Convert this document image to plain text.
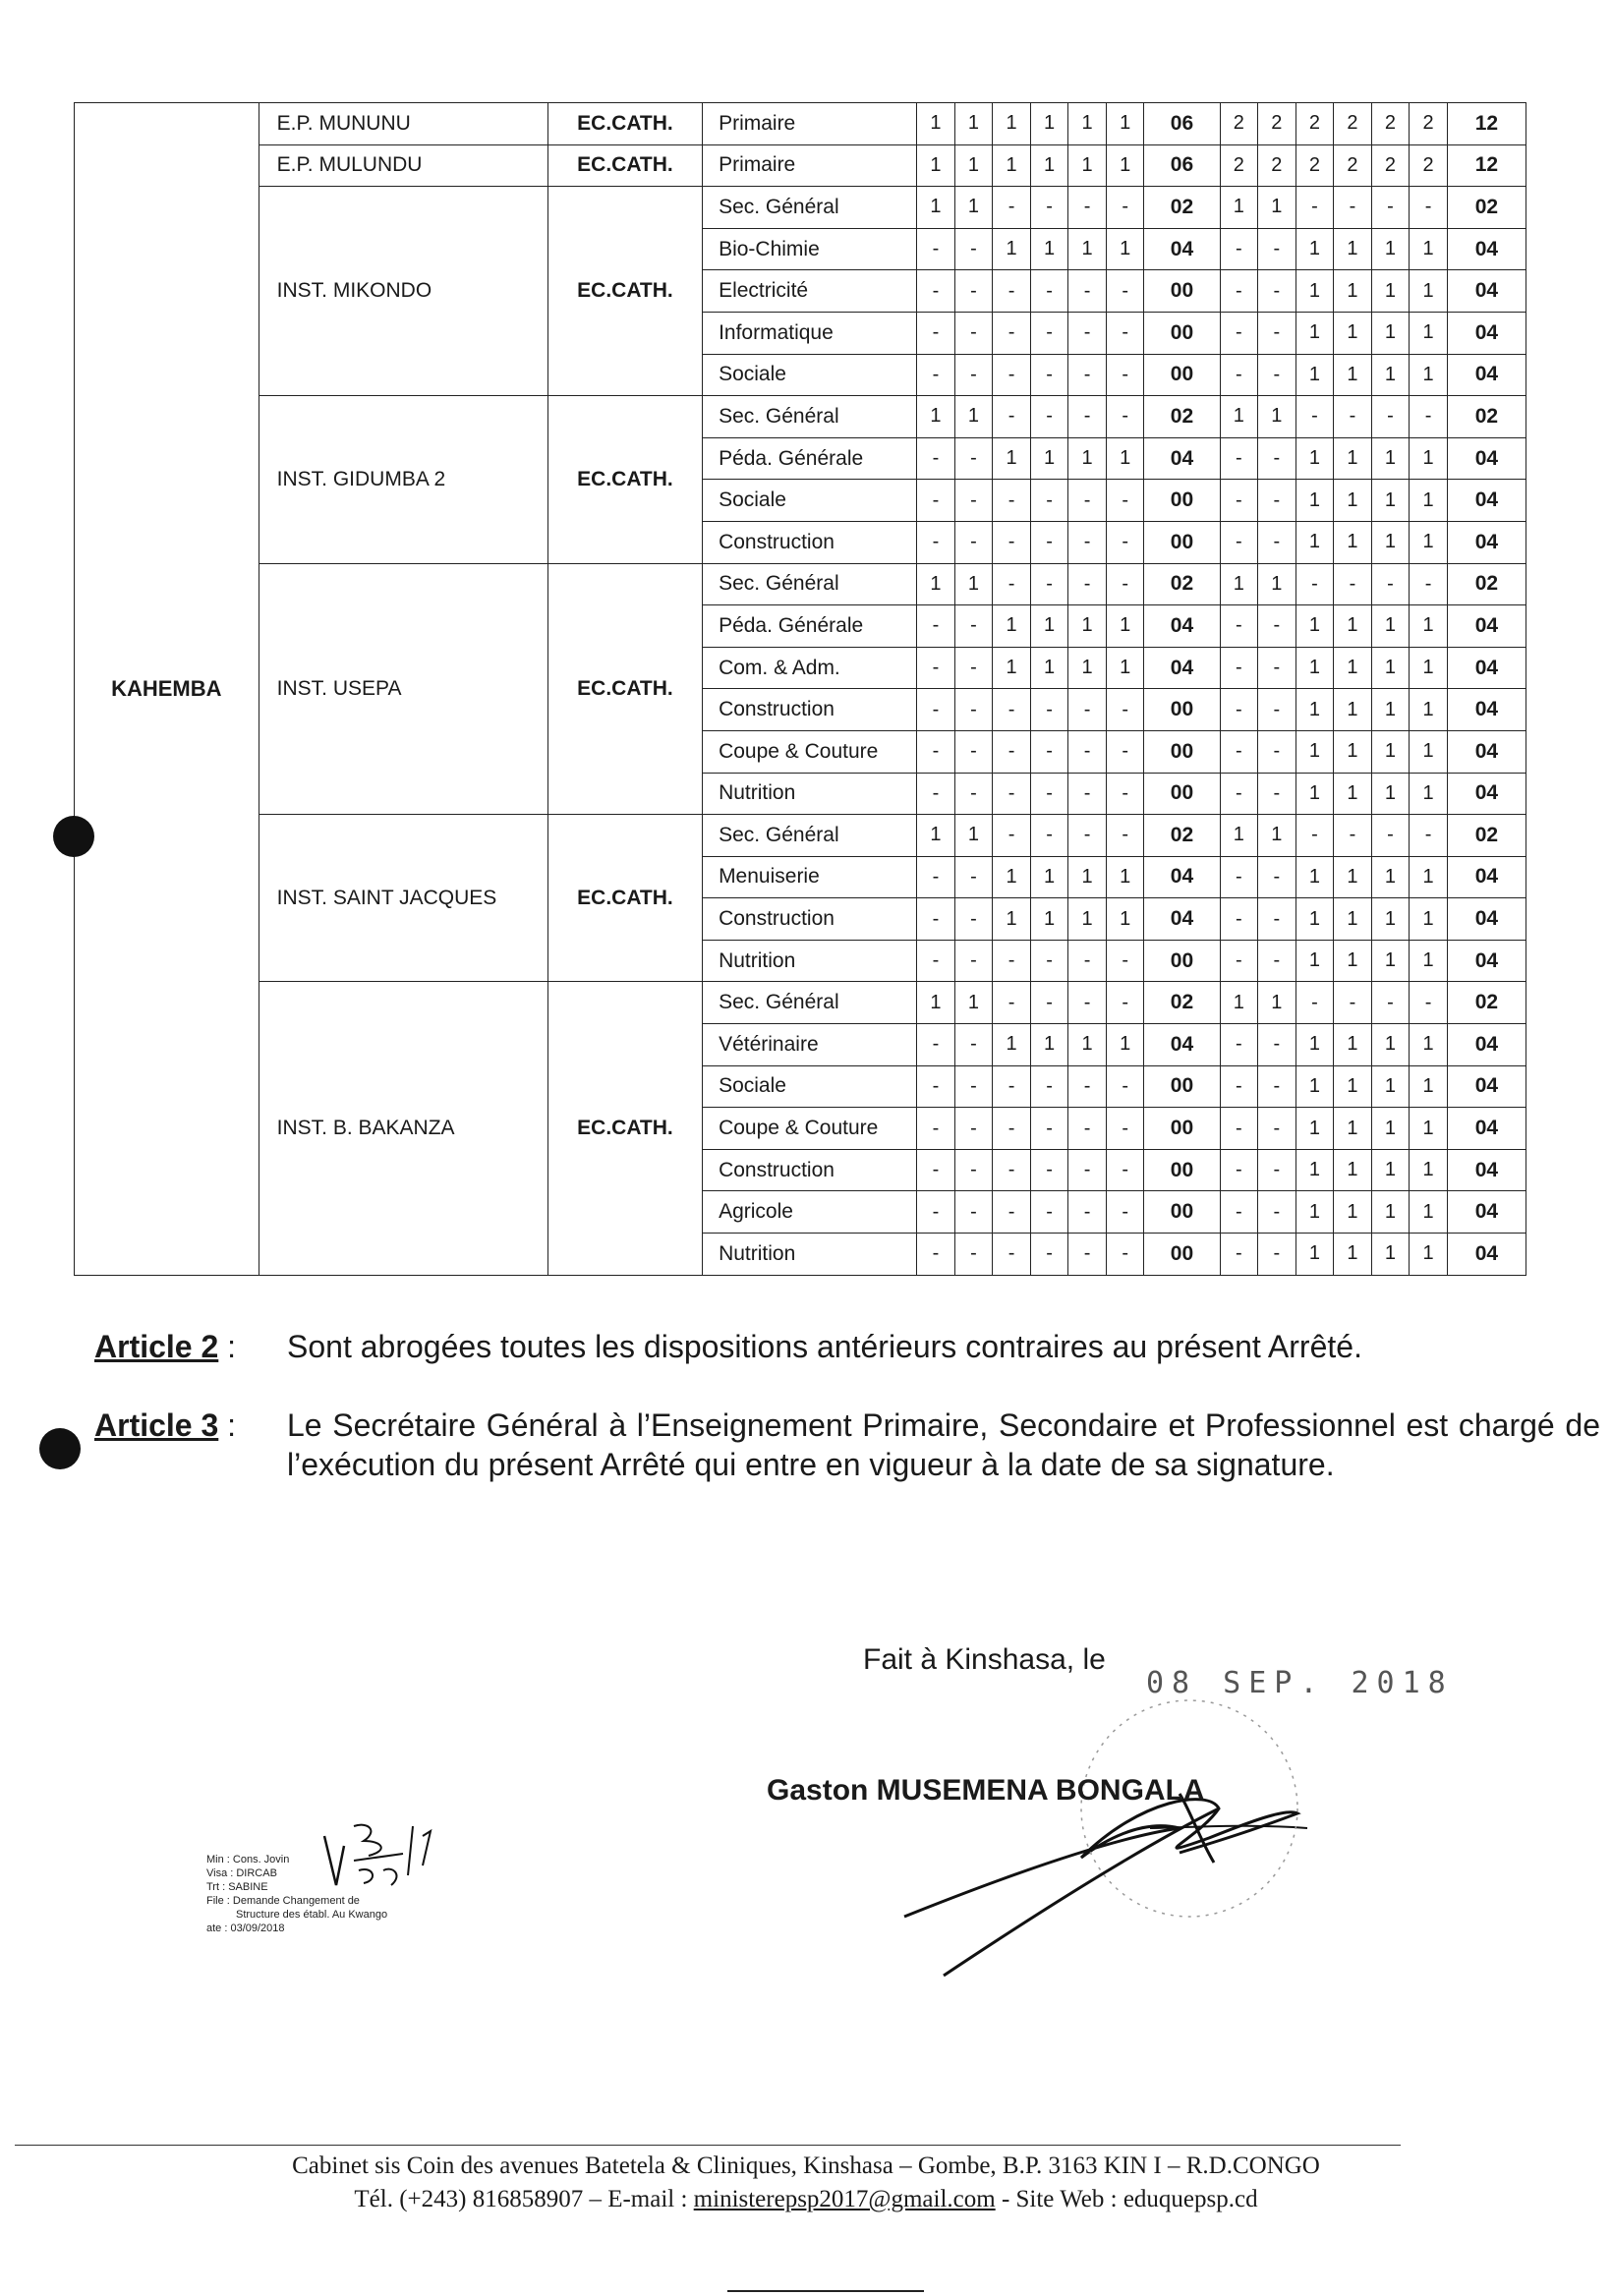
KAHEMBA	E.P. MUNUNU	EC.CATH.	Primaire	1	1	1	1	1	1	06	2	2	2	2	2	2	12
	E.P. MULUNDU	EC.CATH.	Primaire	1	1	1	1	1	1	06	2	2	2	2	2	2	12
	INST. MIKONDO	EC.CATH.	Sec. Général	1	1	-	-	-	-	02	1	1	-	-	-	-	02
			Bio-Chimie	-	-	1	1	1	1	04	-	-	1	1	1	1	04
			Electricité	-	-	-	-	-	-	00	-	-	1	1	1	1	04
			Informatique	-	-	-	-	-	-	00	-	-	1	1	1	1	04
			Sociale	-	-	-	-	-	-	00	-	-	1	1	1	1	04
	INST. GIDUMBA 2	EC.CATH.	Sec. Général	1	1	-	-	-	-	02	1	1	-	-	-	-	02
			Péda. Générale	-	-	1	1	1	1	04	-	-	1	1	1	1	04
			Sociale	-	-	-	-	-	-	00	-	-	1	1	1	1	04
			Construction	-	-	-	-	-	-	00	-	-	1	1	1	1	04
	INST. USEPA	EC.CATH.	Sec. Général	1	1	-	-	-	-	02	1	1	-	-	-	-	02
			Péda. Générale	-	-	1	1	1	1	04	-	-	1	1	1	1	04
			Com. & Adm.	-	-	1	1	1	1	04	-	-	1	1	1	1	04
			Construction	-	-	-	-	-	-	00	-	-	1	1	1	1	04
			Coupe & Couture	-	-	-	-	-	-	00	-	-	1	1	1	1	04
			Nutrition	-	-	-	-	-	-	00	-	-	1	1	1	1	04
	INST. SAINT JACQUES	EC.CATH.	Sec. Général	1	1	-	-	-	-	02	1	1	-	-	-	-	02
			Menuiserie	-	-	1	1	1	1	04	-	-	1	1	1	1	04
			Construction	-	-	1	1	1	1	04	-	-	1	1	1	1	04
			Nutrition	-	-	-	-	-	-	00	-	-	1	1	1	1	04
	INST. B. BAKANZA	EC.CATH.	Sec. Général	1	1	-	-	-	-	02	1	1	-	-	-	-	02
			Vétérinaire	-	-	1	1	1	1	04	-	-	1	1	1	1	04
			Sociale	-	-	-	-	-	-	00	-	-	1	1	1	1	04
			Coupe & Couture	-	-	-	-	-	-	00	-	-	1	1	1	1	04
			Construction	-	-	-	-	-	-	00	-	-	1	1	1	1	04
			Agricole	-	-	-	-	-	-	00	-	-	1	1	1	1	04
			Nutrition	-	-	-	-	-	-	00	-	-	1	1	1	1	04
Article 2 :	Sont abrogées toutes les dispositions antérieurs contraires au présent Arrêté.
Article 3 :	Le Secrétaire Général à l’Enseignement Primaire, Secondaire et Professionnel est chargé de l’exécution du présent Arrêté qui entre en vigueur à la date de sa signature.
Fait à Kinshasa, le
08 SEP. 2018
Gaston MUSEMENA BONGALA
Min : Cons. Jovin
Visa : DIRCAB
Trt : SABINE
File : Demande Changement de
Structure des établ. Au Kwango
ate : 03/09/2018
Cabinet sis Coin des avenues Batetela & Cliniques, Kinshasa – Gombe, B.P. 3163 KIN I – R.D.CONGO
Tél. (+243) 816858907 – E-mail : ministerepsp2017@gmail.com - Site Web : eduquepsp.cd
